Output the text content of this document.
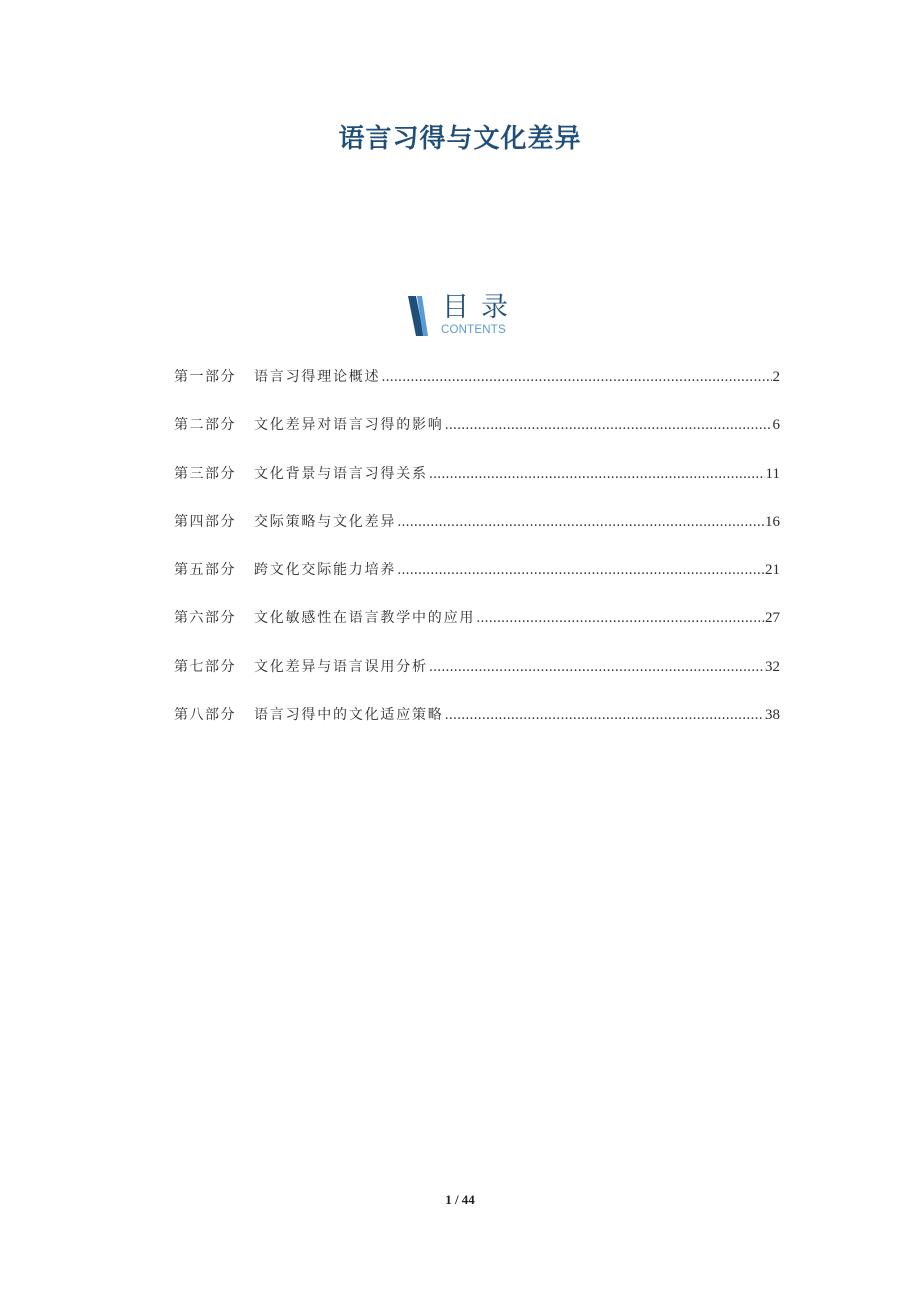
语言习得与文化差异
目录
CONTENTS
第一部分	语言习得理论概述 .....	2
第二部分	文化差异对语言习得的影响 .....	6
第三部分	文化背景与语言习得关系 .....	11
第四部分	交际策略与文化差异 .....	16
第五部分	跨文化交际能力培养 .....	21
第六部分	文化敏感性在语言教学中的应用 .....	27
第七部分	文化差异与语言误用分析 .....	32
第八部分	语言习得中的文化适应策略 .....	38
1 / 44
